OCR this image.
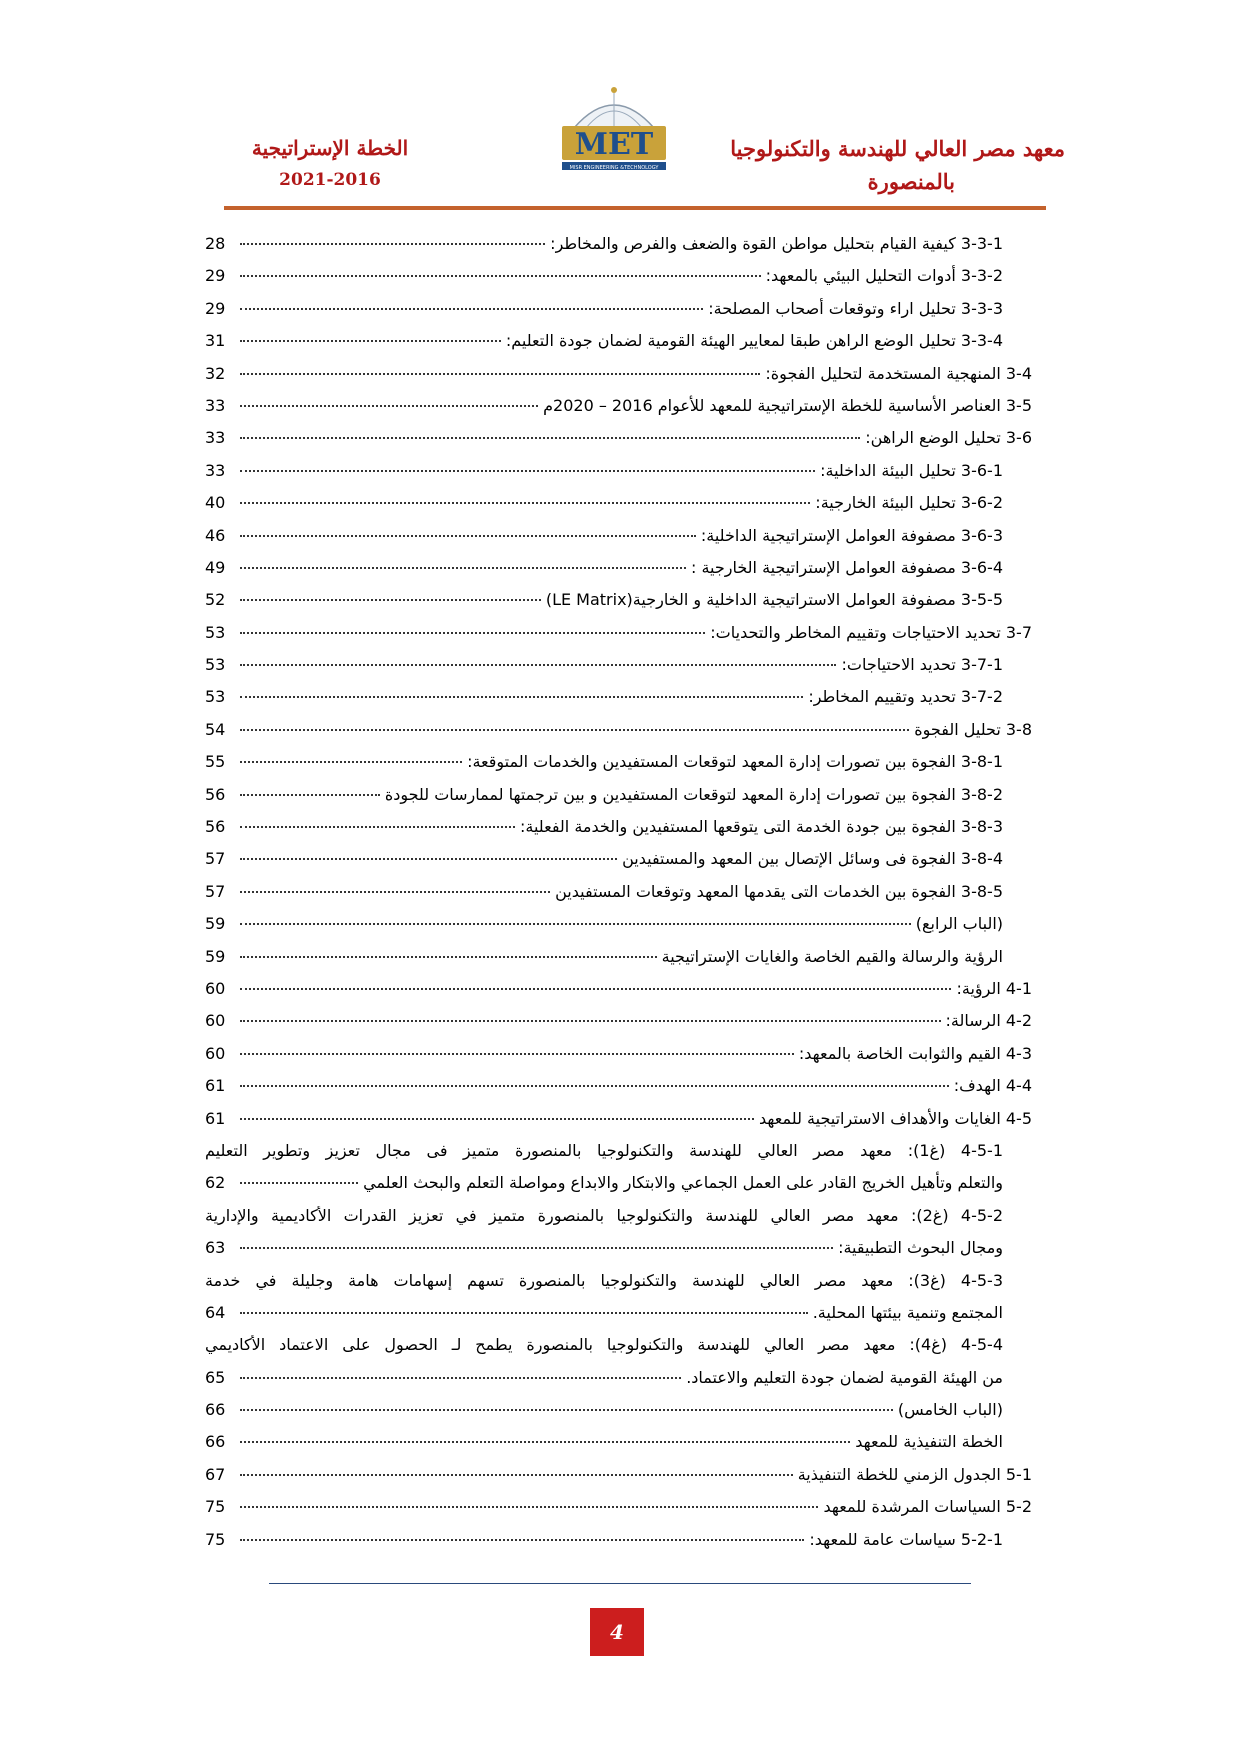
معهد مصر العالي للهندسة والتكنولوجيا
بالمنصورة
MET
MISR ENGINEERING &TECHNOLOGY
الخطة الإستراتيجية
2021-2016
3-3-1 كيفية القيام بتحليل مواطن القوة والضعف والفرص والمخاطر:
28
3-3-2 أدوات التحليل البيئي بالمعهد:
29
3-3-3 تحليل اراء وتوقعات أصحاب المصلحة:
29
3-3-4 تحليل الوضع الراهن طبقا لمعايير الهيئة القومية لضمان جودة التعليم:
31
3-4 المنهجية المستخدمة لتحليل الفجوة:
32
3-5 العناصر الأساسية للخطة الإستراتيجية للمعهد للأعوام 2016 – 2020م
33
3-6 تحليل الوضع الراهن:
33
3-6-1 تحليل البيئة الداخلية:
33
3-6-2 تحليل البيئة الخارجية:
40
3-6-3 مصفوفة العوامل الإستراتيجية الداخلية:
46
3-6-4 مصفوفة العوامل الإستراتيجية الخارجية :
49
3-5-5 مصفوفة العوامل الاستراتيجية الداخلية و الخارجية(LE Matrix)
52
3-7 تحديد الاحتياجات وتقييم المخاطر والتحديات:
53
3-7-1 تحديد الاحتياجات:
53
3-7-2 تحديد وتقييم المخاطر:
53
3-8 تحليل الفجوة
54
3-8-1 الفجوة بين تصورات إدارة المعهد لتوقعات المستفيدين والخدمات المتوقعة:
55
3-8-2 الفجوة بين تصورات إدارة المعهد لتوقعات المستفيدين و بين ترجمتها لممارسات للجودة
56
3-8-3 الفجوة بين جودة الخدمة التى يتوقعها المستفيدين والخدمة الفعلية:
56
3-8-4 الفجوة فى وسائل الإتصال بين المعهد والمستفيدين
57
3-8-5 الفجوة بين الخدمات التى يقدمها المعهد وتوقعات المستفيدين
57
(الباب الرابع)
59
الرؤية والرسالة والقيم الخاصة والغايات الإستراتيجية
59
4-1 الرؤية:
60
4-2 الرسالة:
60
4-3 القيم والثوابت الخاصة بالمعهد:
60
4-4 الهدف:
61
4-5 الغايات والأهداف الاستراتيجية للمعهد
61
4-5-1 (غ1): معهد مصر العالي للهندسة والتكنولوجيا بالمنصورة متميز فى مجال تعزيز وتطوير التعليم
والتعلم وتأهيل الخريج القادر على العمل الجماعي والابتكار والابداع ومواصلة التعلم والبحث العلمي
62
4-5-2 (غ2): معهد مصر العالي للهندسة والتكنولوجيا بالمنصورة متميز في تعزيز القدرات الأكاديمية والإدارية
ومجال البحوث التطبيقية:
63
4-5-3 (غ3): معهد مصر العالي للهندسة والتكنولوجيا بالمنصورة تسهم إسهامات هامة وجليلة في خدمة
المجتمع وتنمية بيئتها المحلية.
64
4-5-4 (غ4): معهد مصر العالي للهندسة والتكنولوجيا بالمنصورة يطمح لـ الحصول على الاعتماد الأكاديمي
من الهيئة القومية لضمان جودة التعليم والاعتماد.
65
(الباب الخامس)
66
الخطة التنفيذية للمعهد
66
5-1 الجدول الزمني للخطة التنفيذية
67
5-2 السياسات المرشدة للمعهد
75
5-2-1 سياسات عامة للمعهد:
75
4
